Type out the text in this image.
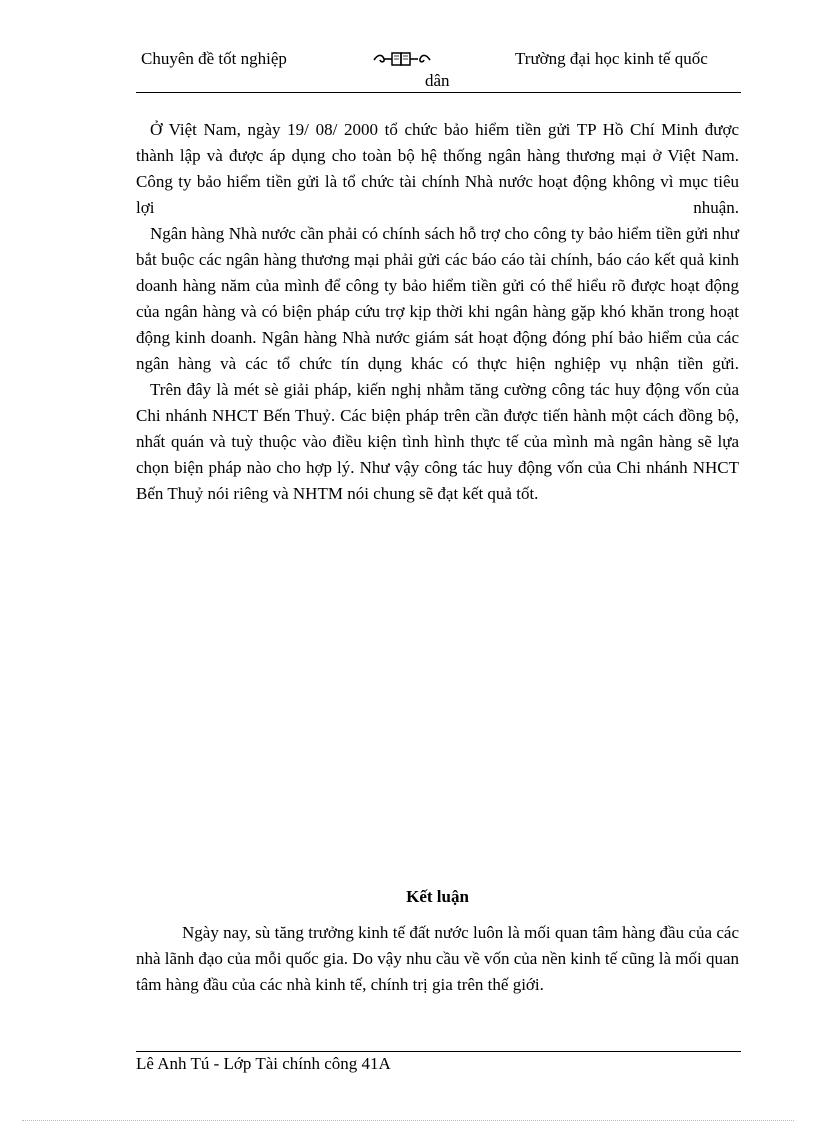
Chuyên đề tốt nghiệp	Trường đại học kinh tế quốc
dân

Ở Việt Nam, ngày 19/ 08/ 2000 tổ chức bảo hiểm tiền gửi TP Hồ Chí Minh được thành lập và được áp dụng cho toàn bộ hệ thống ngân hàng thương mại ở Việt Nam. Công ty bảo hiểm tiền gửi là tổ chức tài chính Nhà nước hoạt động không vì mục tiêu lợi nhuận.

Ngân hàng Nhà nước cần phải có chính sách hỗ trợ cho công ty bảo hiểm tiền gửi như bắt buộc các ngân hàng thương mại phải gửi các báo cáo tài chính, báo cáo kết quả kinh doanh hàng năm của mình để công ty bảo hiểm tiền gửi có thể hiểu rõ được hoạt động của ngân hàng và có biện pháp cứu trợ kịp thời khi ngân hàng gặp khó khăn trong hoạt động kinh doanh. Ngân hàng Nhà nước giám sát hoạt động đóng phí bảo hiểm của các ngân hàng và các tổ chức tín dụng khác có thực hiện nghiệp vụ nhận tiền gửi.

Trên đây là mét sè giải pháp, kiến nghị nhằm tăng cường công tác huy động vốn của Chi nhánh NHCT Bến Thuỷ. Các biện pháp trên cần được tiến hành một cách đồng bộ, nhất quán và tuỳ thuộc vào điều kiện tình hình thực tế của mình mà ngân hàng sẽ lựa chọn biện pháp nào cho hợp lý. Như vậy công tác huy động vốn của Chi nhánh NHCT Bến Thuỷ nói riêng và NHTM nói chung sẽ đạt kết quả tốt.

Kết luận

Ngày nay, sù tăng trưởng kinh tế đất nước luôn là mối quan tâm hàng đầu của các nhà lãnh đạo của mỗi quốc gia. Do vậy nhu cầu về vốn của nền kinh tế cũng là mối quan tâm hàng đầu của các nhà kinh tế, chính trị gia trên thế giới.

Lê Anh Tú - Lớp Tài chính công 41A
